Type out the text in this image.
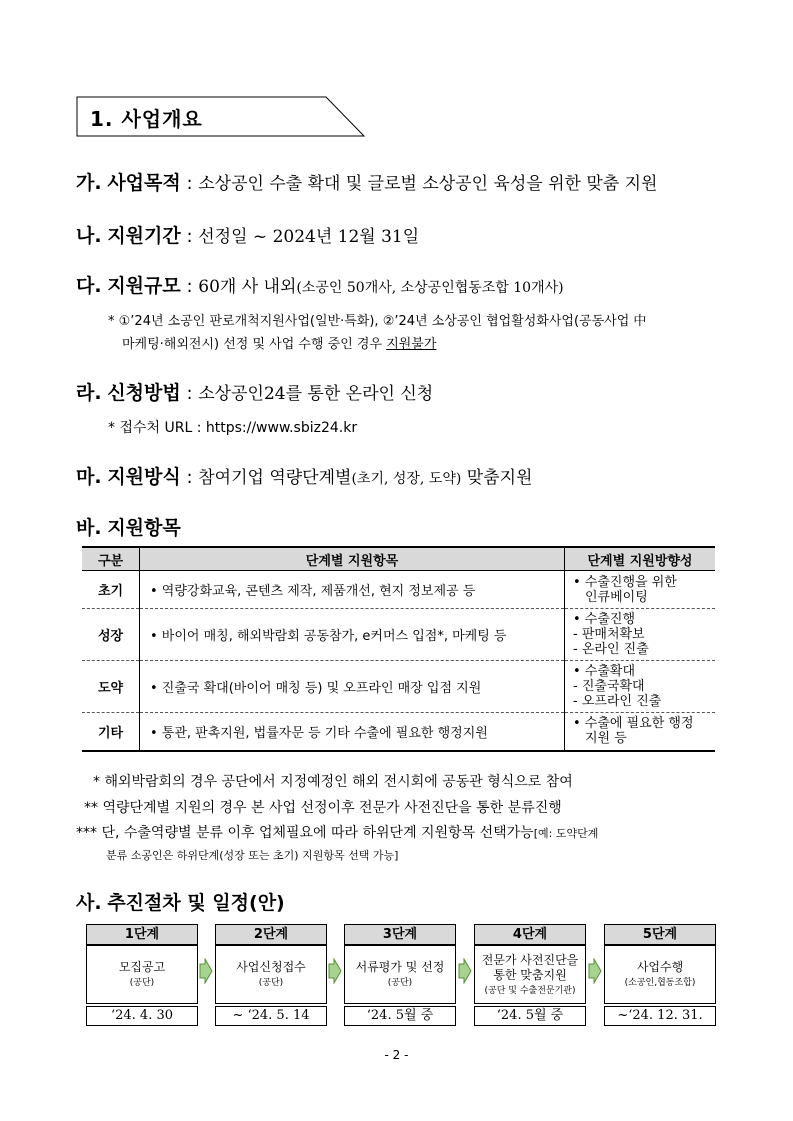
1. 사업개요
가. 사업목적 : 소상공인 수출 확대 및 글로벌 소상공인 육성을 위한 맞춤 지원
나. 지원기간 : 선정일 ~ 2024년 12월 31일
다. 지원규모 : 60개 사 내외(소공인 50개사, 소상공인협동조합 10개사)
* ①’24년 소공인 판로개척지원사업(일반·특화), ②’24년 소상공인 협업활성화사업(공동사업 中
마케팅·해외전시) 선정 및 사업 수행 중인 경우 지원불가
라. 신청방법 : 소상공인24를 통한 온라인 신청
* 접수처 URL : https://www.sbiz24.kr
마. 지원방식 : 참여기업 역량단계별(초기, 성장, 도약) 맞춤지원
바. 지원항목
구분	단계별 지원항목	단계별 지원방향성
초기	• 역량강화교육, 콘텐츠 제작, 제품개선, 현지 정보제공 등	• 수출진행을 위한
인큐베이팅

성장	• 바이어 매칭, 해외박람회 공동참가, e커머스 입점*, 마케팅 등	• 수출진행
- 판매처확보
- 온라인 진출

도약	• 진출국 확대(바이어 매칭 등) 및 오프라인 매장 입점 지원	• 수출확대
- 진출국확대
- 오프라인 진출

기타	• 통관, 판촉지원, 법률자문 등 기타 수출에 필요한 행정지원	• 수출에 필요한 행정
지원 등
* 해외박람회의 경우 공단에서 지정예정인 해외 전시회에 공동관 형식으로 참여
** 역량단계별 지원의 경우 본 사업 선정이후 전문가 사전진단을 통한 분류진행
*** 단, 수출역량별 분류 이후 업체필요에 따라 하위단계 지원항목 선택가능[예: 도약단계
분류 소공인은 하위단계(성장 또는 초기) 지원항목 선택 가능]
사. 추진절차 및 일정(안)
1단계
모집공고
(공단)
‘24. 4. 30
2단계
사업신청접수
(공단)
~ ‘24. 5. 14
3단계
서류평가 및 선정
(공단)
‘24. 5월 중
4단계
전문가 사전진단을
통한 맞춤지원
(공단 및 수출전문기관)
‘24. 5월 중
5단계
사업수행
(소공인,협동조합)
~‘24. 12. 31.
- 2 -
